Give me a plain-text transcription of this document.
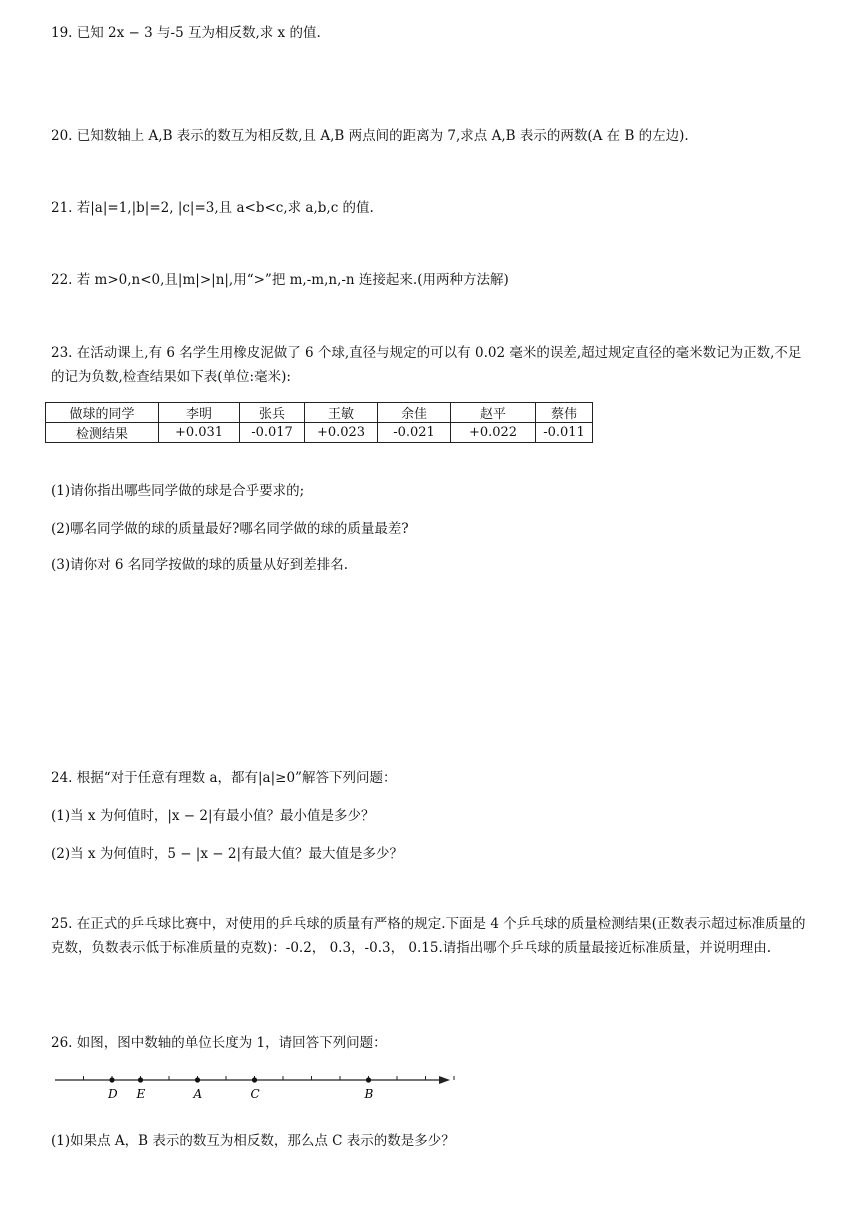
19. 已知 2x − 3 与-5 互为相反数,求 x 的值.
20. 已知数轴上 A,B 表示的数互为相反数,且 A,B 两点间的距离为 7,求点 A,B 表示的两数(A 在 B 的左边).
21. 若|a|=1,|b|=2, |c|=3,且 a<b<c,求 a,b,c 的值.
22. 若 m>0,n<0,且|m|>|n|,用“>”把 m,-m,n,-n 连接起来.(用两种方法解)
23. 在活动课上,有 6 名学生用橡皮泥做了 6 个球,直径与规定的可以有 0.02 毫米的误差,超过规定直径的毫米数记为正数,不足的记为负数,检查结果如下表(单位:毫米):
做球的同学	李明	张兵	王敏	余佳	赵平	蔡伟
检测结果	+0.031	-0.017	+0.023	-0.021	+0.022	-0.011
(1)请你指出哪些同学做的球是合乎要求的;
(2)哪名同学做的球的质量最好?哪名同学做的球的质量最差?
(3)请你对 6 名同学按做的球的质量从好到差排名.
24. 根据“对于任意有理数 a，都有|a|≥0”解答下列问题：
(1)当 x 为何值时，|x − 2|有最小值？最小值是多少？
(2)当 x 为何值时，5 − |x − 2|有最大值？最大值是多少？
25. 在正式的乒乓球比赛中，对使用的乒乓球的质量有严格的规定.下面是 4 个乒乓球的质量检测结果(正数表示超过标准质量的克数，负数表示低于标准质量的克数)：-0.2， 0.3，-0.3， 0.15.请指出哪个乒乓球的质量最接近标准质量，并说明理由.
26. 如图，图中数轴的单位长度为 1，请回答下列问题：
D E	A	C	B
(1)如果点 A，B 表示的数互为相反数，那么点 C 表示的数是多少？
